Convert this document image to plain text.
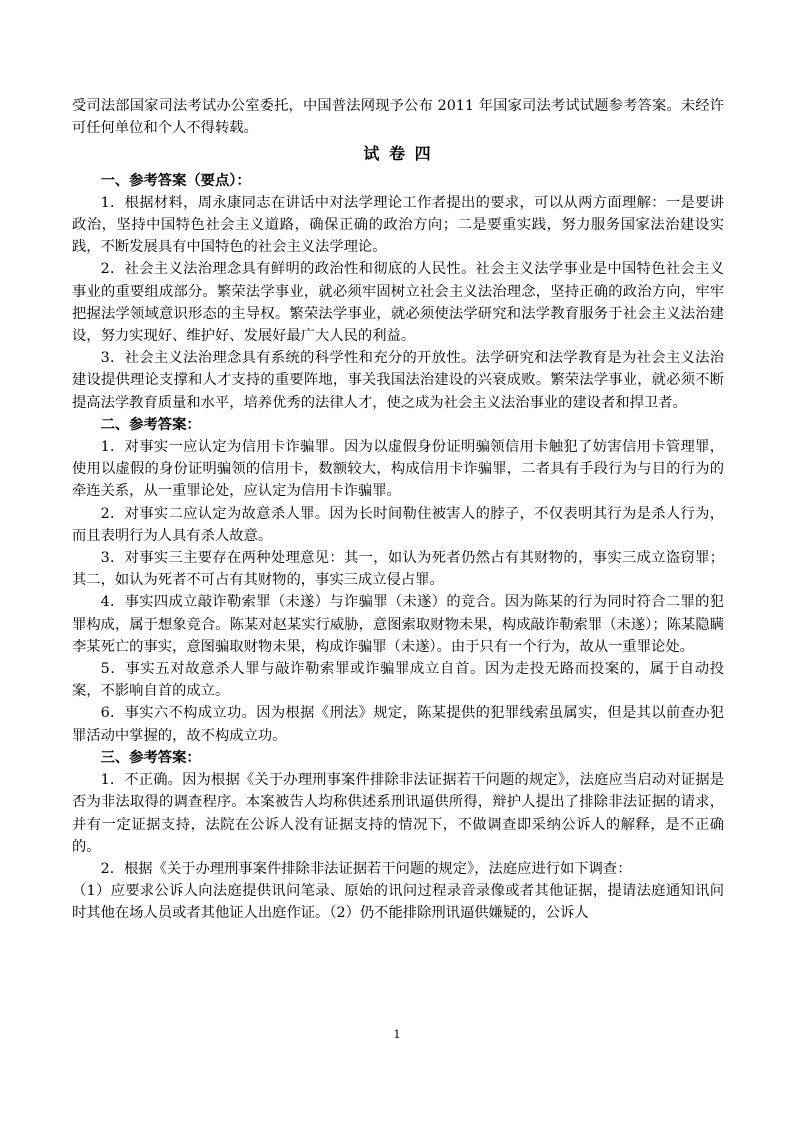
受司法部国家司法考试办公室委托，中国普法网现予公布 2011 年国家司法考试试题参考答案。未经许可任何单位和个人不得转载。

试 卷 四

一、参考答案（要点）：

1．根据材料，周永康同志在讲话中对法学理论工作者提出的要求，可以从两方面理解：一是要讲政治，坚持中国特色社会主义道路，确保正确的政治方向；二是要重实践，努力服务国家法治建设实践，不断发展具有中国特色的社会主义法学理论。

2．社会主义法治理念具有鲜明的政治性和彻底的人民性。社会主义法学事业是中国特色社会主义事业的重要组成部分。繁荣法学事业，就必须牢固树立社会主义法治理念，坚持正确的政治方向，牢牢把握法学领域意识形态的主导权。繁荣法学事业，就必须使法学研究和法学教育服务于社会主义法治建设，努力实现好、维护好、发展好最广大人民的利益。

3．社会主义法治理念具有系统的科学性和充分的开放性。法学研究和法学教育是为社会主义法治建设提供理论支撑和人才支持的重要阵地，事关我国法治建设的兴衰成败。繁荣法学事业，就必须不断提高法学教育质量和水平，培养优秀的法律人才，使之成为社会主义法治事业的建设者和捍卫者。

二、参考答案：

1．对事实一应认定为信用卡诈骗罪。因为以虚假身份证明骗领信用卡触犯了妨害信用卡管理罪，使用以虚假的身份证明骗领的信用卡，数额较大，构成信用卡诈骗罪，二者具有手段行为与目的行为的牵连关系，从一重罪论处，应认定为信用卡诈骗罪。

2．对事实二应认定为故意杀人罪。因为长时间勒住被害人的脖子，不仅表明其行为是杀人行为，而且表明行为人具有杀人故意。

3．对事实三主要存在两种处理意见：其一，如认为死者仍然占有其财物的，事实三成立盗窃罪；其二，如认为死者不可占有其财物的，事实三成立侵占罪。

4．事实四成立敲诈勒索罪（未遂）与诈骗罪（未遂）的竞合。因为陈某的行为同时符合二罪的犯罪构成，属于想象竞合。陈某对赵某实行威胁，意图索取财物未果，构成敲诈勒索罪（未遂）；陈某隐瞒李某死亡的事实，意图骗取财物未果，构成诈骗罪（未遂）。由于只有一个行为，故从一重罪论处。

5．事实五对故意杀人罪与敲诈勒索罪或诈骗罪成立自首。因为走投无路而投案的，属于自动投案，不影响自首的成立。

6．事实六不构成立功。因为根据《刑法》规定，陈某提供的犯罪线索虽属实，但是其以前查办犯罪活动中掌握的，故不构成立功。

三、参考答案：

1．不正确。因为根据《关于办理刑事案件排除非法证据若干问题的规定》，法庭应当启动对证据是否为非法取得的调查程序。本案被告人均称供述系刑讯逼供所得，辩护人提出了排除非法证据的请求，并有一定证据支持，法院在公诉人没有证据支持的情况下，不做调查即采纳公诉人的解释，是不正确的。

2．根据《关于办理刑事案件排除非法证据若干问题的规定》，法庭应进行如下调查：

（1）应要求公诉人向法庭提供讯问笔录、原始的讯问过程录音录像或者其他证据，提请法庭通知讯问时其他在场人员或者其他证人出庭作证。（2）仍不能排除刑讯逼供嫌疑的，公诉人

1
